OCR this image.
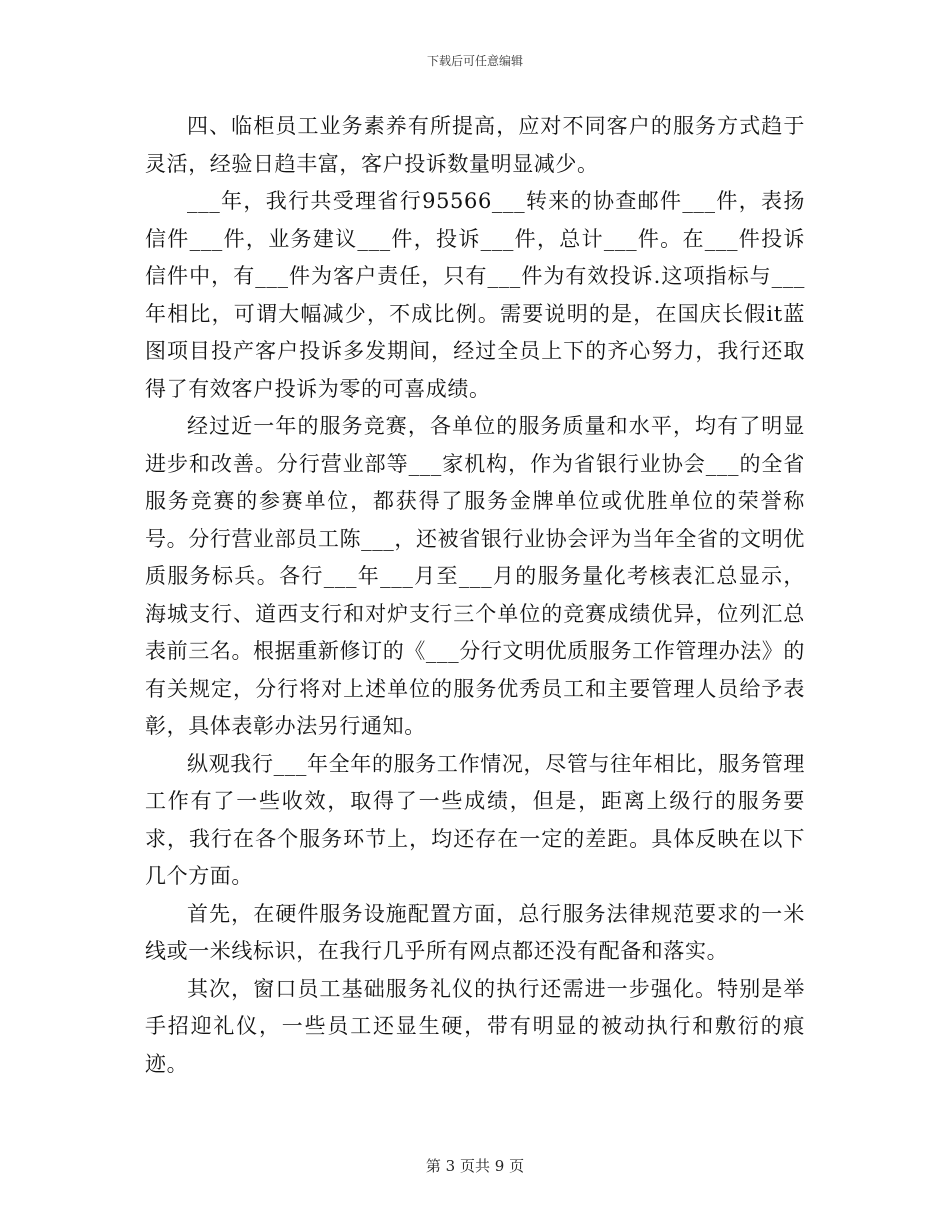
下载后可任意编辑

四、临柜员工业务素养有所提高，应对不同客户的服务方式趋于灵活，经验日趋丰富，客户投诉数量明显减少。

___年，我行共受理省行95566___转来的协查邮件___件，表扬信件___件，业务建议___件，投诉___件，总计___件。在___件投诉信件中，有___件为客户责任，只有___件为有效投诉.这项指标与___年相比，可谓大幅减少，不成比例。需要说明的是，在国庆长假it蓝图项目投产客户投诉多发期间，经过全员上下的齐心努力，我行还取得了有效客户投诉为零的可喜成绩。

经过近一年的服务竞赛，各单位的服务质量和水平，均有了明显进步和改善。分行营业部等___家机构，作为省银行业协会___的全省服务竞赛的参赛单位，都获得了服务金牌单位或优胜单位的荣誉称号。分行营业部员工陈___，还被省银行业协会评为当年全省的文明优质服务标兵。各行___年___月至___月的服务量化考核表汇总显示，海城支行、道西支行和对炉支行三个单位的竞赛成绩优异，位列汇总表前三名。根据重新修订的《___分行文明优质服务工作管理办法》的有关规定，分行将对上述单位的服务优秀员工和主要管理人员给予表彰，具体表彰办法另行通知。

纵观我行___年全年的服务工作情况，尽管与往年相比，服务管理工作有了一些收效，取得了一些成绩，但是，距离上级行的服务要求，我行在各个服务环节上，均还存在一定的差距。具体反映在以下几个方面。

首先，在硬件服务设施配置方面，总行服务法律规范要求的一米线或一米线标识，在我行几乎所有网点都还没有配备和落实。

其次，窗口员工基础服务礼仪的执行还需进一步强化。特别是举手招迎礼仪，一些员工还显生硬，带有明显的被动执行和敷衍的痕迹。

第 3 页共 9 页
